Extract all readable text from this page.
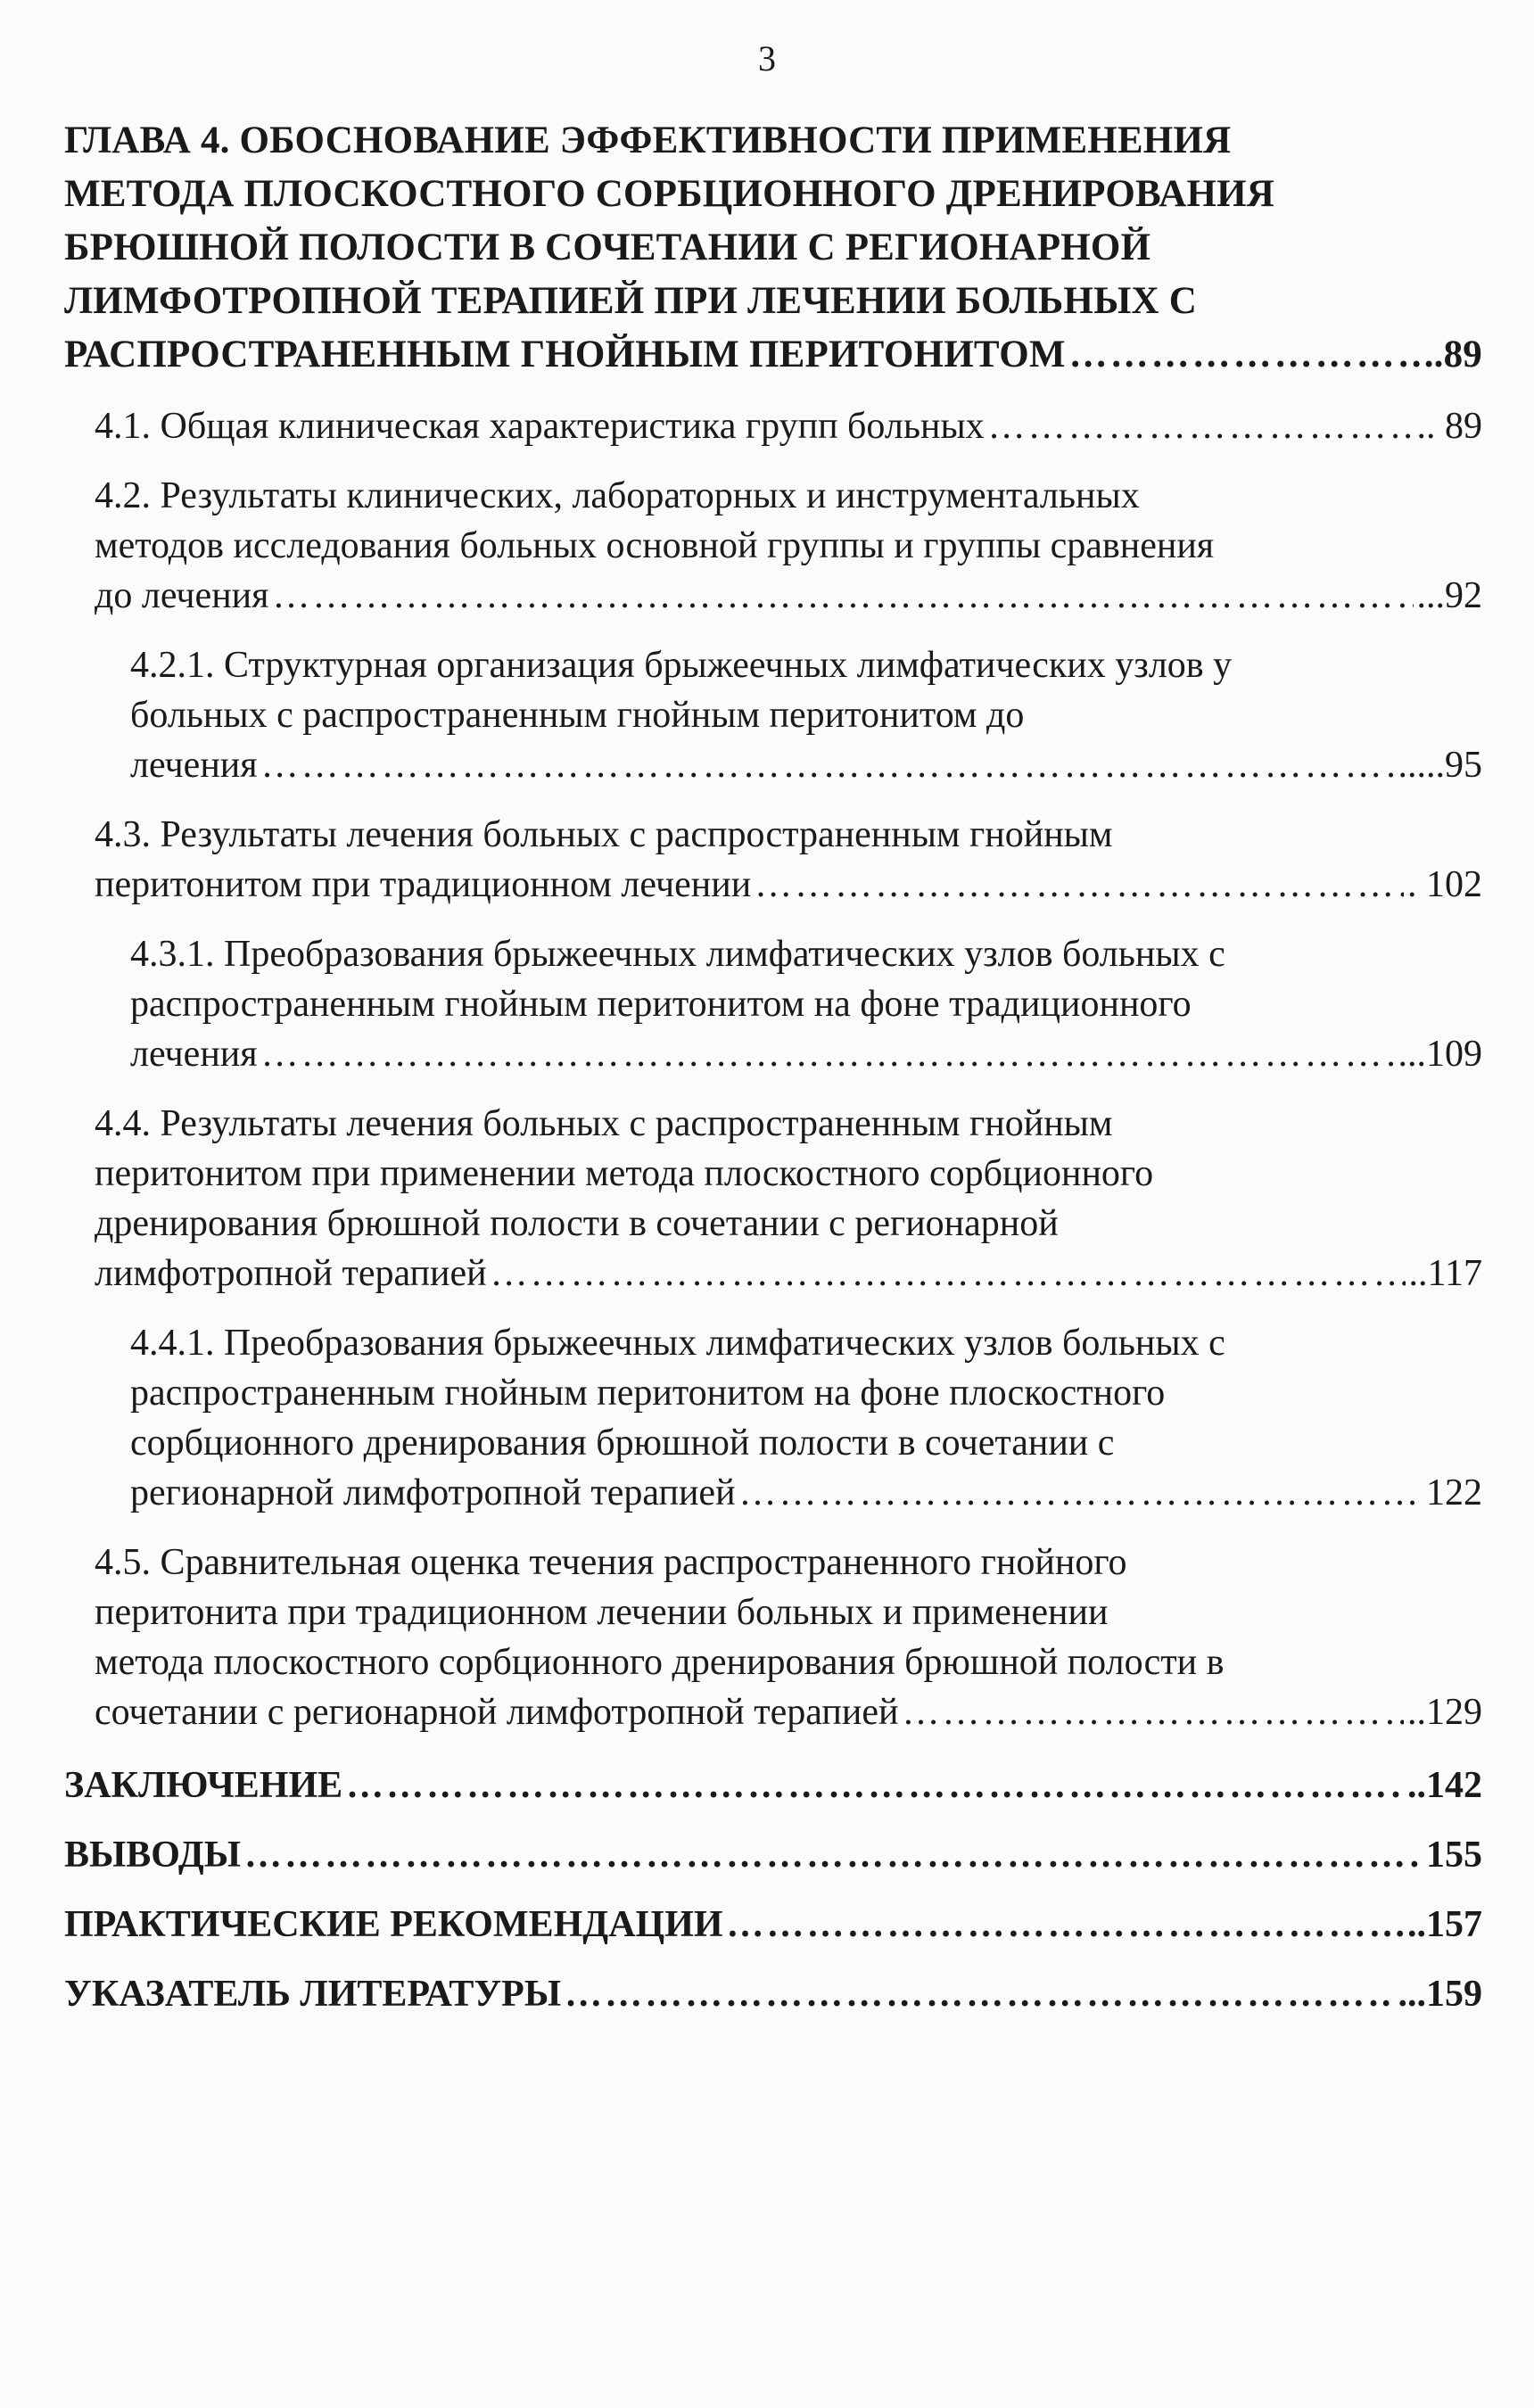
3
ГЛАВА 4. ОБОСНОВАНИЕ ЭФФЕКТИВНОСТИ ПРИМЕНЕНИЯ
МЕТОДА ПЛОСКОСТНОГО СОРБЦИОННОГО ДРЕНИРОВАНИЯ
БРЮШНОЙ ПОЛОСТИ В СОЧЕТАНИИ С РЕГИОНАРНОЙ
ЛИМФОТРОПНОЙ ТЕРАПИЕЙ ПРИ ЛЕЧЕНИИ БОЛЬНЫХ С
РАСПРОСТРАНЕННЫМ ГНОЙНЫМ ПЕРИТОНИТОМ ………………………………………………………………………………………………………………………………………………………………………………………………………………………………………………	..89
4.1. Общая клиническая характеристика групп больных ………………………………………………………………………………………………………………………………………………………………………………………………………………………………………………	.. 89
4.2. Результаты клинических, лабораторных и инструментальных
методов исследования больных основной группы и группы сравнения
до лечения ………………………………………………………………………………………………………………………………………………………………………………………………………………………………………………	...92
4.2.1. Структурная организация брыжеечных лимфатических узлов у
больных с распространенным гнойным перитонитом до
лечения ………………………………………………………………………………………………………………………………………………………………………………………………………………………………………………	.....95
4.3. Результаты лечения больных с распространенным гнойным
перитонитом при традиционном лечении ………………………………………………………………………………………………………………………………………………………………………………………………………………………………………………	. 102
4.3.1. Преобразования брыжеечных лимфатических узлов больных с
распространенным гнойным перитонитом на фоне традиционного
лечения ………………………………………………………………………………………………………………………………………………………………………………………………………………………………………………	...109
4.4. Результаты лечения больных с распространенным гнойным
перитонитом при применении метода плоскостного сорбционного
дренирования брюшной полости в сочетании с регионарной
лимфотропной терапией ………………………………………………………………………………………………………………………………………………………………………………………………………………………………………………	..117
4.4.1. Преобразования брыжеечных лимфатических узлов больных с
распространенным гнойным перитонитом на фоне плоскостного
сорбционного дренирования брюшной полости в сочетании с
регионарной лимфотропной терапией ………………………………………………………………………………………………………………………………………………………………………………………………………………………………………………	122
4.5. Сравнительная оценка течения распространенного гнойного
перитонита при традиционном лечении больных и применении
метода плоскостного сорбционного дренирования брюшной полости в
сочетании с регионарной лимфотропной терапией ………………………………………………………………………………………………………………………………………………………………………………………………………………………………………………	..129
ЗАКЛЮЧЕНИЕ ………………………………………………………………………………………………………………………………………………………………………………………………………………………………………………	..142
ВЫВОДЫ ………………………………………………………………………………………………………………………………………………………………………………………………………………………………………………	155
ПРАКТИЧЕСКИЕ РЕКОМЕНДАЦИИ ………………………………………………………………………………………………………………………………………………………………………………………………………………………………………………	..157
УКАЗАТЕЛЬ ЛИТЕРАТУРЫ ………………………………………………………………………………………………………………………………………………………………………………………………………………………………………………	...159
